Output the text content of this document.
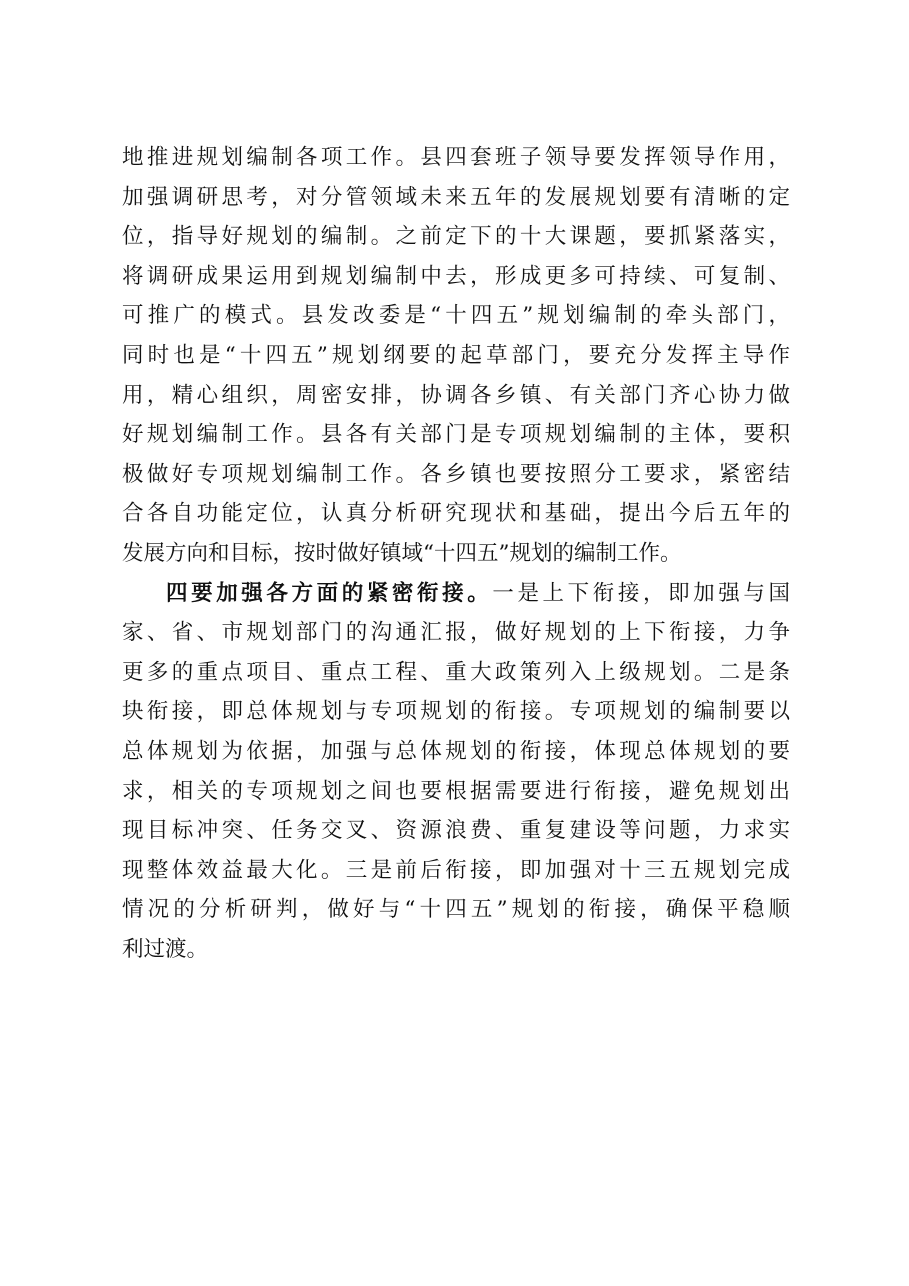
地推进规划编制各项工作。县四套班子领导要发挥领导作用，
加强调研思考，对分管领域未来五年的发展规划要有清晰的定
位，指导好规划的编制。之前定下的十大课题，要抓紧落实，
将调研成果运用到规划编制中去，形成更多可持续、可复制、
可推广的模式。县发改委是“十四五”规划编制的牵头部门，
同时也是“十四五”规划纲要的起草部门，要充分发挥主导作
用，精心组织，周密安排，协调各乡镇、有关部门齐心协力做
好规划编制工作。县各有关部门是专项规划编制的主体，要积
极做好专项规划编制工作。各乡镇也要按照分工要求，紧密结
合各自功能定位，认真分析研究现状和基础，提出今后五年的
发展方向和目标，按时做好镇域“十四五”规划的编制工作。
四要加强各方面的紧密衔接。一是上下衔接，即加强与国
家、省、市规划部门的沟通汇报，做好规划的上下衔接，力争
更多的重点项目、重点工程、重大政策列入上级规划。二是条
块衔接，即总体规划与专项规划的衔接。专项规划的编制要以
总体规划为依据，加强与总体规划的衔接，体现总体规划的要
求，相关的专项规划之间也要根据需要进行衔接，避免规划出
现目标冲突、任务交叉、资源浪费、重复建设等问题，力求实
现整体效益最大化。三是前后衔接，即加强对十三五规划完成
情况的分析研判，做好与“十四五”规划的衔接，确保平稳顺
利过渡。
